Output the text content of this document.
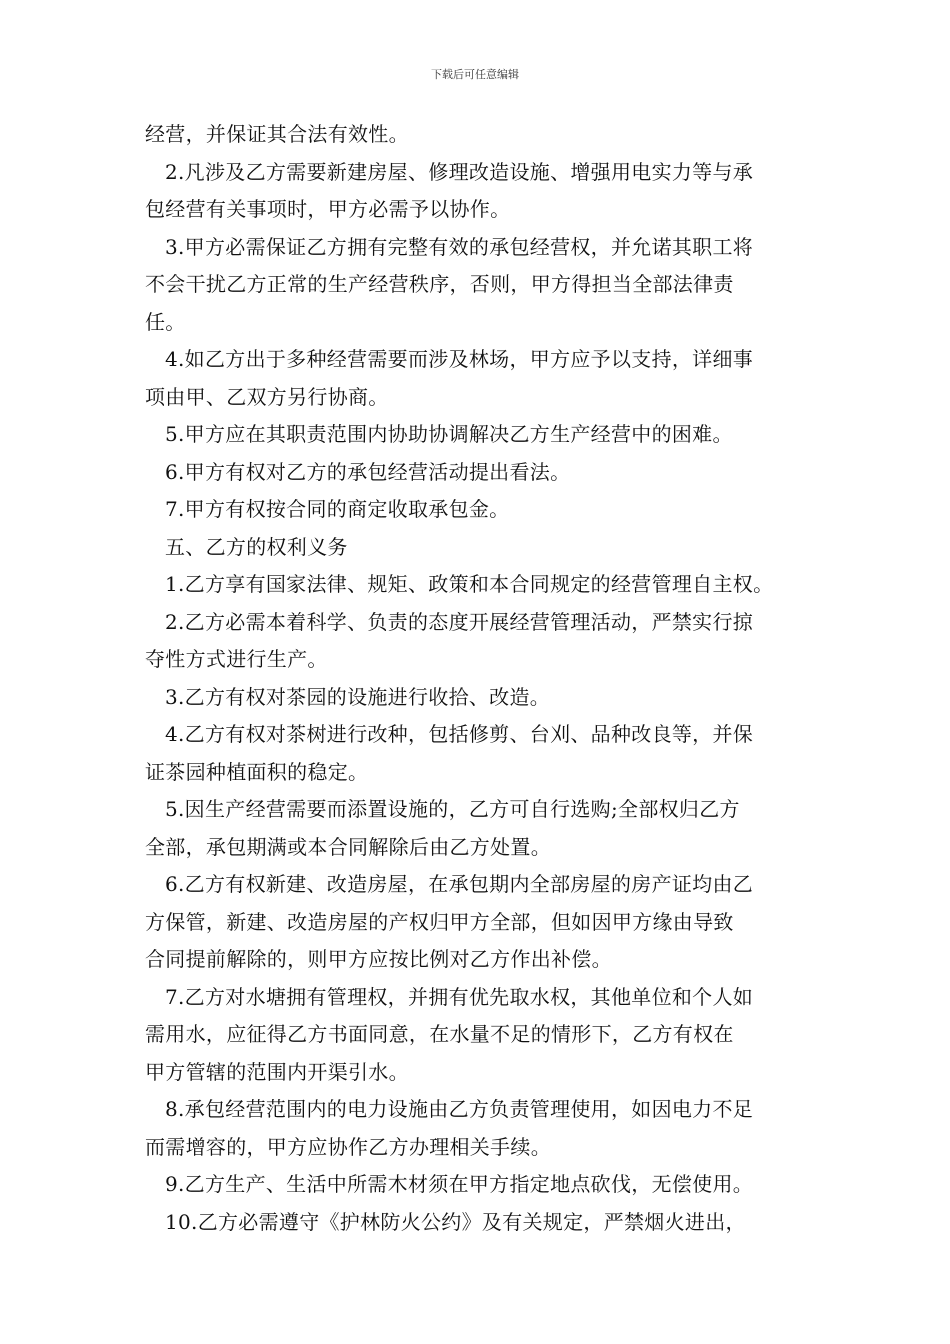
下载后可任意编辑
经营，并保证其合法有效性。
2.凡涉及乙方需要新建房屋、修理改造设施、增强用电实力等与承
包经营有关事项时，甲方必需予以协作。
3.甲方必需保证乙方拥有完整有效的承包经营权，并允诺其职工将
不会干扰乙方正常的生产经营秩序，否则，甲方得担当全部法律责
任。
4.如乙方出于多种经营需要而涉及林场，甲方应予以支持，详细事
项由甲、乙双方另行协商。
5.甲方应在其职责范围内协助协调解决乙方生产经营中的困难。
6.甲方有权对乙方的承包经营活动提出看法。
7.甲方有权按合同的商定收取承包金。
五、乙方的权利义务
1.乙方享有国家法律、规矩、政策和本合同规定的经营管理自主权。
2.乙方必需本着科学、负责的态度开展经营管理活动，严禁实行掠
夺性方式进行生产。
3.乙方有权对茶园的设施进行收拾、改造。
4.乙方有权对茶树进行改种，包括修剪、台刈、品种改良等，并保
证茶园种植面积的稳定。
5.因生产经营需要而添置设施的，乙方可自行选购;全部权归乙方
全部，承包期满或本合同解除后由乙方处置。
6.乙方有权新建、改造房屋，在承包期内全部房屋的房产证均由乙
方保管，新建、改造房屋的产权归甲方全部，但如因甲方缘由导致
合同提前解除的，则甲方应按比例对乙方作出补偿。
7.乙方对水塘拥有管理权，并拥有优先取水权，其他单位和个人如
需用水，应征得乙方书面同意，在水量不足的情形下，乙方有权在
甲方管辖的范围内开渠引水。
8.承包经营范围内的电力设施由乙方负责管理使用，如因电力不足
而需增容的，甲方应协作乙方办理相关手续。
9.乙方生产、生活中所需木材须在甲方指定地点砍伐，无偿使用。
10.乙方必需遵守《护林防火公约》及有关规定，严禁烟火进出，
